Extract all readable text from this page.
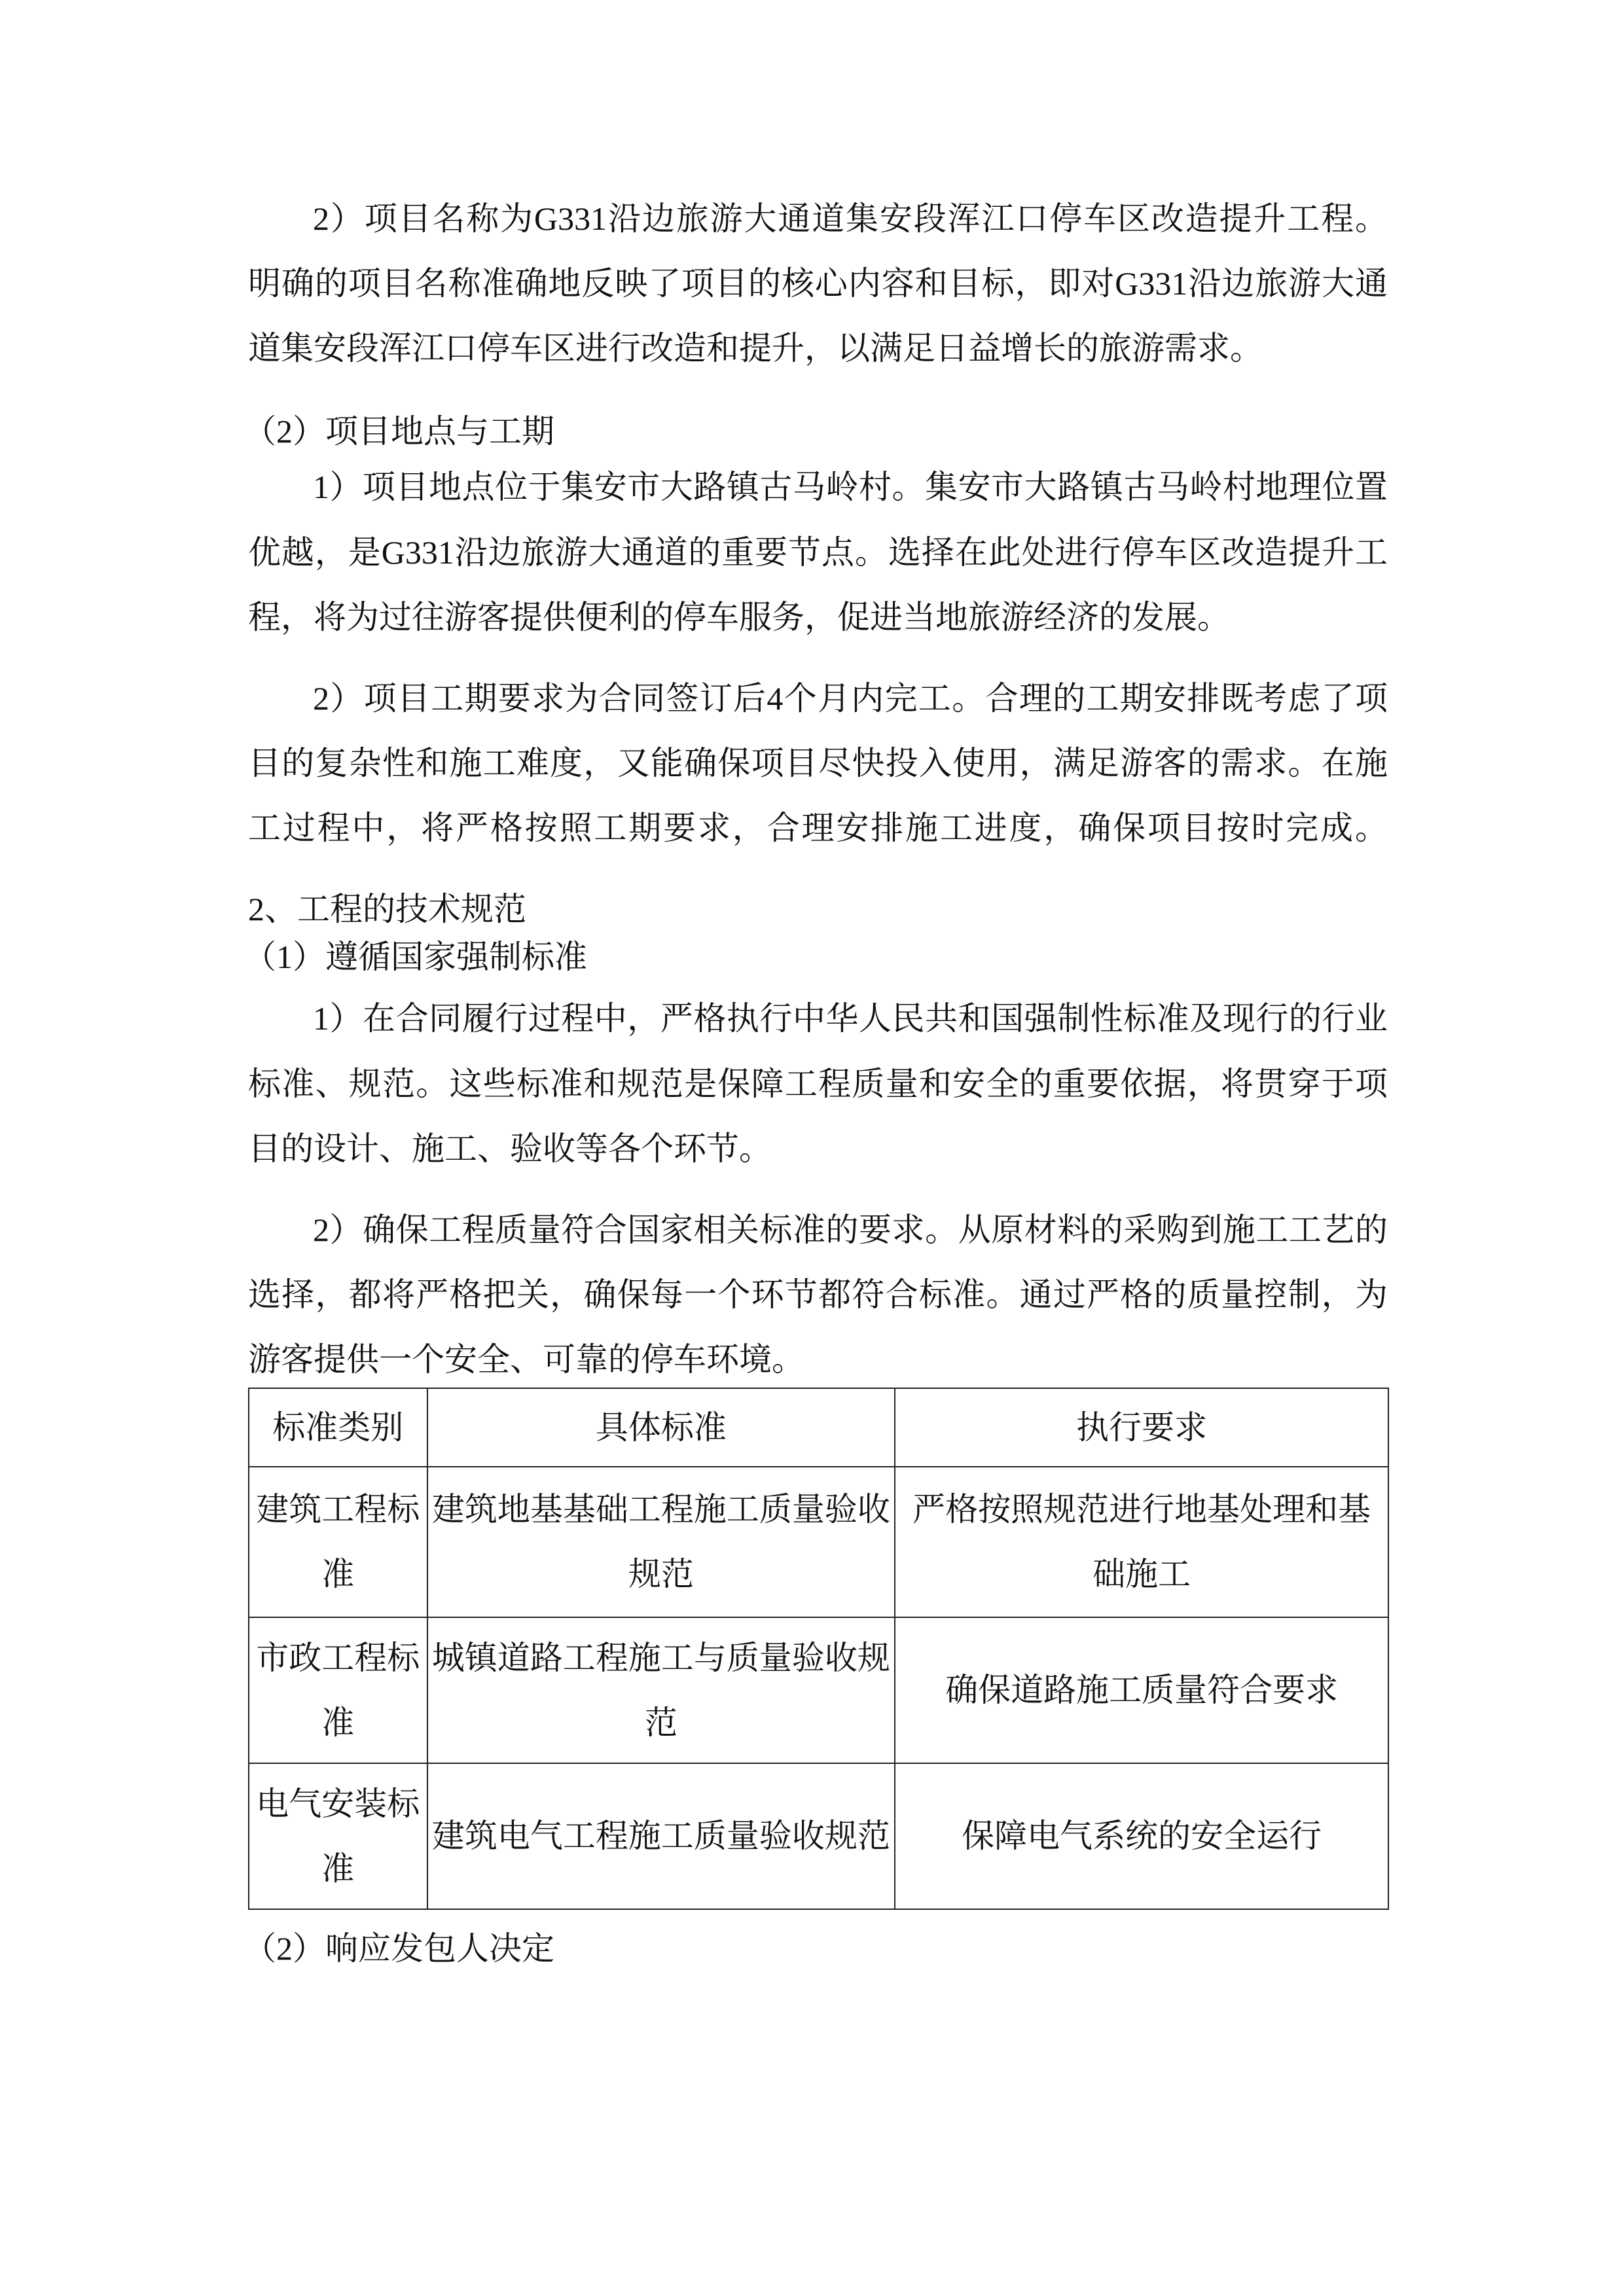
2）项目名称为G331沿边旅游大通道集安段浑江口停车区改造提升工程。
明确的项目名称准确地反映了项目的核心内容和目标，即对G331沿边旅游大通
道集安段浑江口停车区进行改造和提升，以满足日益增长的旅游需求。
（2）项目地点与工期
1）项目地点位于集安市大路镇古马岭村。集安市大路镇古马岭村地理位置
优越，是G331沿边旅游大通道的重要节点。选择在此处进行停车区改造提升工
程，将为过往游客提供便利的停车服务，促进当地旅游经济的发展。
2）项目工期要求为合同签订后4个月内完工。合理的工期安排既考虑了项
目的复杂性和施工难度，又能确保项目尽快投入使用，满足游客的需求。在施
工过程中，将严格按照工期要求，合理安排施工进度，确保项目按时完成。
2、工程的技术规范
（1）遵循国家强制标准
1）在合同履行过程中，严格执行中华人民共和国强制性标准及现行的行业
标准、规范。这些标准和规范是保障工程质量和安全的重要依据，将贯穿于项
目的设计、施工、验收等各个环节。
2）确保工程质量符合国家相关标准的要求。从原材料的采购到施工工艺的
选择，都将严格把关，确保每一个环节都符合标准。通过严格的质量控制，为
游客提供一个安全、可靠的停车环境。
标准类别	具体标准	执行要求

建筑工程标
准	建筑地基基础工程施工质量验收
规范	严格按照规范进行地基处理和基
础施工

市政工程标
准	城镇道路工程施工与质量验收规
范	确保道路施工质量符合要求

电气安装标
准	建筑电气工程施工质量验收规范	保障电气系统的安全运行
（2）响应发包人决定
